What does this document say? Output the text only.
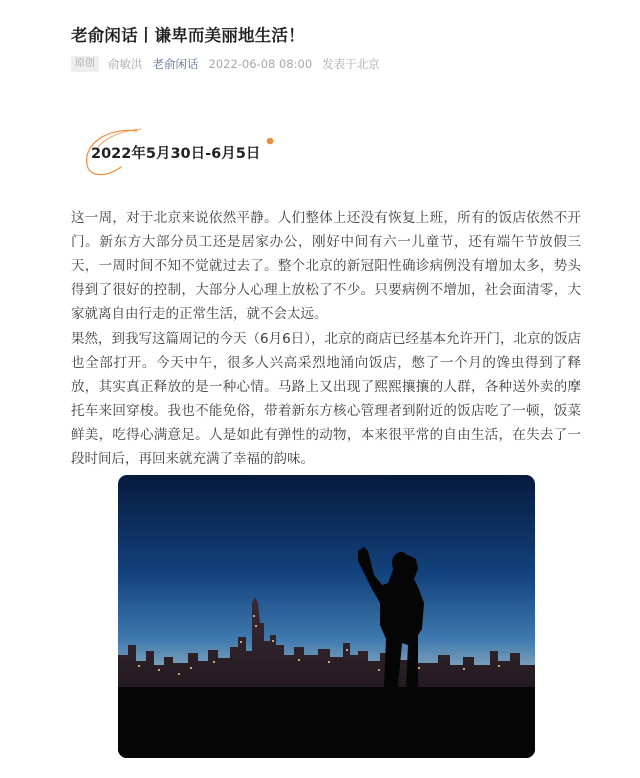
老俞闲话丨谦卑而美丽地生活！
原创	俞敏洪 老俞闲话 2022-06-08 08:00 发表于北京
2022年5月30日-6月5日

这一周，对于北京来说依然平静。人们整体上还没有恢复上班，所有的饭店依然不开门。新东方大部分员工还是居家办公，刚好中间有六一儿童节，还有端午节放假三天，一周时间不知不觉就过去了。整个北京的新冠阳性确诊病例没有增加太多，势头得到了很好的控制，大部分人心理上放松了不少。只要病例不增加，社会面清零，大家就离自由行走的正常生活，就不会太远。

果然，到我写这篇周记的今天（6月6日），北京的商店已经基本允许开门，北京的饭店也全部打开。今天中午，很多人兴高采烈地涌向饭店，憋了一个月的馋虫得到了释放，其实真正释放的是一种心情。马路上又出现了熙熙攘攘的人群，各种送外卖的摩托车来回穿梭。我也不能免俗，带着新东方核心管理者到附近的饭店吃了一顿，饭菜鲜美，吃得心满意足。人是如此有弹性的动物，本来很平常的自由生活，在失去了一段时间后，再回来就充满了幸福的韵味。
